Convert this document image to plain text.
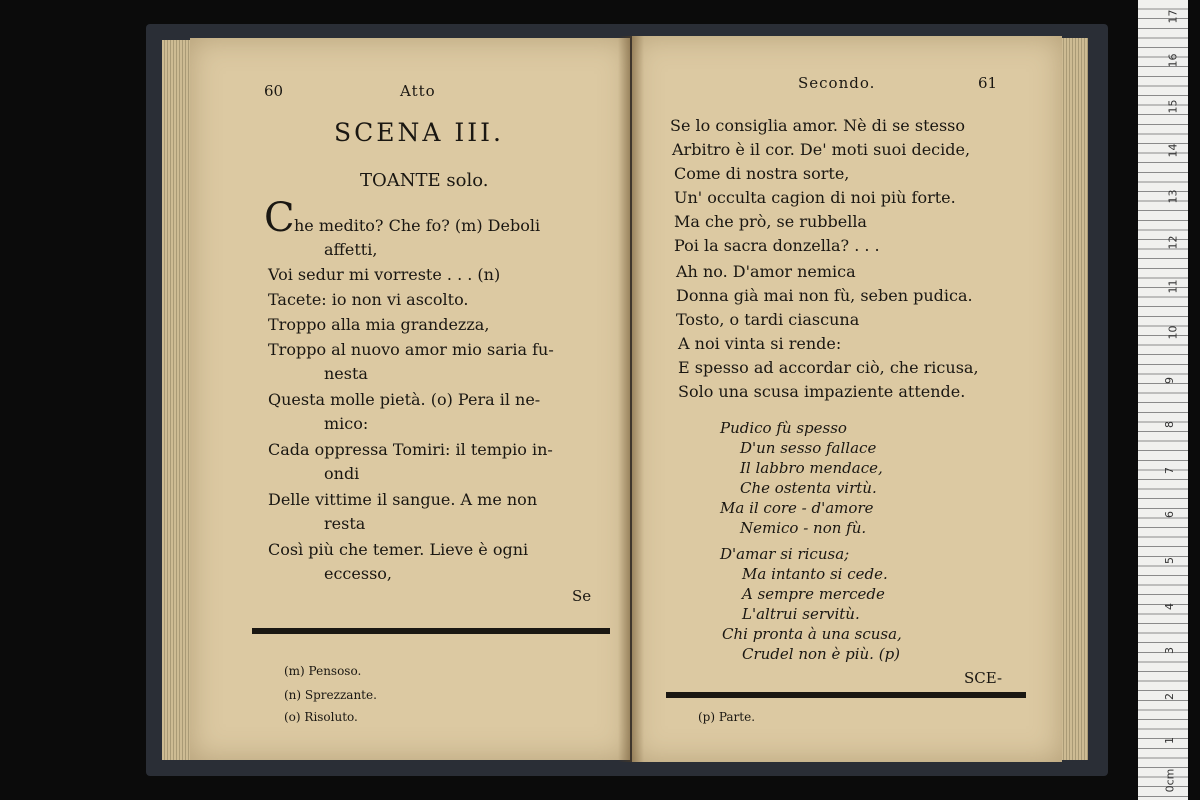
60	Atto
SCENA III.
TOANTE solo.
C he medito? Che fo? (m) Deboli
affetti,
Voi sedur mi vorreste . . . (n)
Tacete: io non vi ascolto.
Troppo alla mia grandezza,
Troppo al nuovo amor mio saria fu-
nesta
Questa molle pietà. (o) Pera il ne-
mico:
Cada oppressa Tomiri: il tempio in-
ondi
Delle vittime il sangue. A me non
resta
Così più che temer. Lieve è ogni
eccesso,
Se
(m) Pensoso.
(n) Sprezzante.
(o) Risoluto.
Secondo.	61
Se lo consiglia amor. Nè di se stesso
Arbitro è il cor. De' moti suoi decide,
Come di nostra sorte,
Un' occulta cagion di noi più forte.
Ma che prò, se rubbella
Poi la sacra donzella? . . .
Ah no. D'amor nemica
Donna già mai non fù, seben pudica.
Tosto, o tardi ciascuna
A noi vinta si rende:
E spesso ad accordar ciò, che ricusa,
Solo una scusa impaziente attende.
Pudico fù spesso
D'un sesso fallace
Il labbro mendace,
Che ostenta virtù.
Ma il core - d'amore
Nemico - non fù.
D'amar si ricusa;
Ma intanto si cede.
A sempre mercede
L'altrui servitù.
Chi pronta à una scusa,
Crudel non è più. (p)
SCE-
(p) Parte.
0cm
1
2
3
4
5
6
7
8
9
10
11
12
13
14
15
16
17
